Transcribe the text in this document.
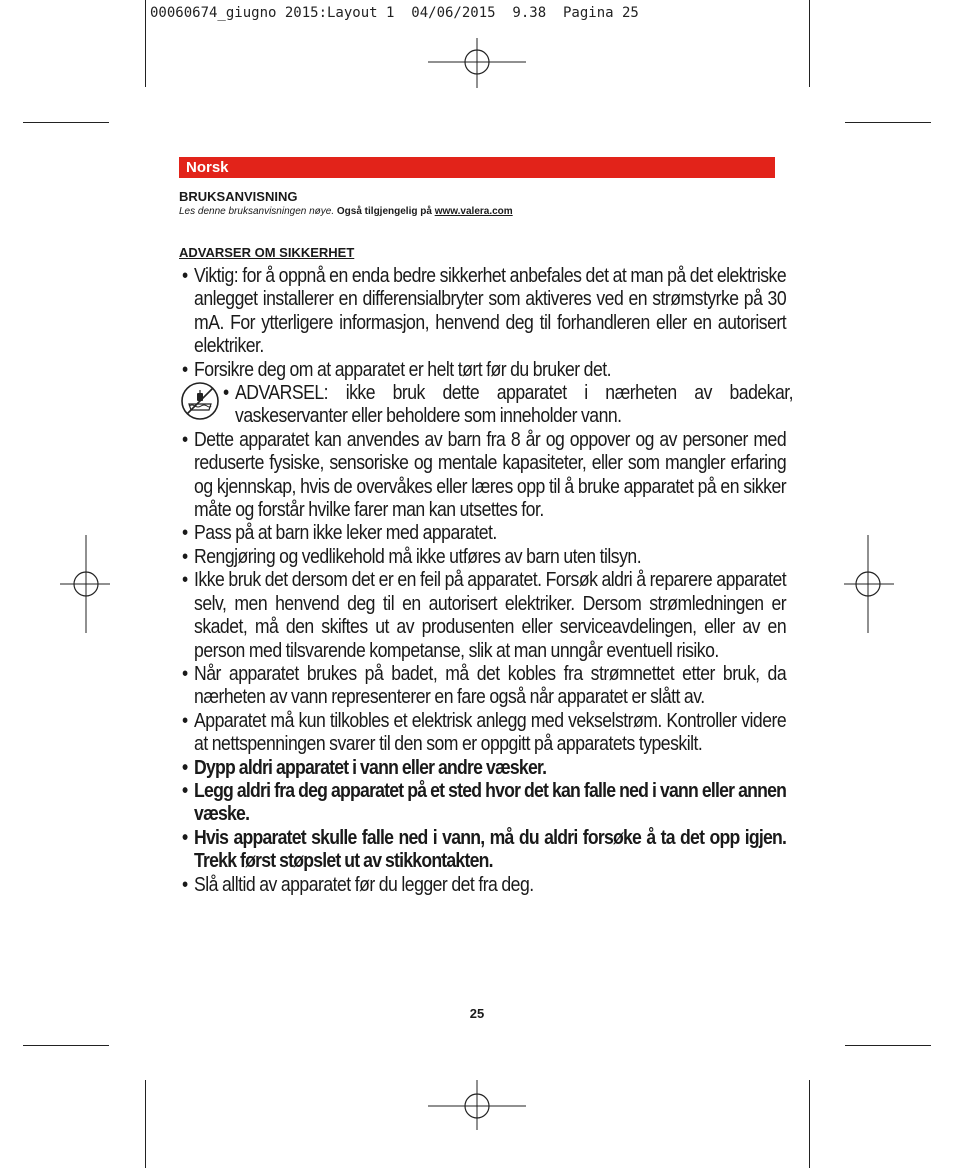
00060674_giugno 2015:Layout 1  04/06/2015  9.38  Pagina 25
Norsk
BRUKSANVISNING
Les denne bruksanvisningen nøye. Også tilgjengelig på www.valera.com
ADVARSER OM SIKKERHET
• Viktig: for å oppnå en enda bedre sikkerhet anbefales det at man på det elektriske anlegget installerer en differensialbryter som aktiveres ved en strømstyrke på 30 mA. For ytterligere informasjon, henvend deg til forhandleren eller en autorisert elektriker.
• Forsikre deg om at apparatet er helt tørt før du bruker det.
• ADVARSEL: ikke bruk dette apparatet i nærheten av badekar, vaskeservanter eller beholdere som inneholder vann.
• Dette apparatet kan anvendes av barn fra 8 år og oppover og av personer med reduserte fysiske, sensoriske og mentale kapasiteter, eller som mangler erfaring og kjennskap, hvis de overvåkes eller læres opp til å bruke apparatet på en sikker måte og forstår hvilke farer man kan utsettes for.
• Pass på at barn ikke leker med apparatet.
• Rengjøring og vedlikehold må ikke utføres av barn uten tilsyn.
• Ikke bruk det dersom det er en feil på apparatet. Forsøk aldri å reparere apparatet selv, men henvend deg til en autorisert elektriker. Dersom strømledningen er skadet, må den skiftes ut av produsenten eller serviceavdelingen, eller av en person med tilsvarende kompetanse, slik at man unngår eventuell risiko.
• Når apparatet brukes på badet, må det kobles fra strømnettet etter bruk, da nærheten av vann representerer en fare også når apparatet er slått av.
• Apparatet må kun tilkobles et elektrisk anlegg med vekselstrøm. Kontroller videre at nettspenningen svarer til den som er oppgitt på apparatets typeskilt.
• Dypp aldri apparatet i vann eller andre væsker.
• Legg aldri fra deg apparatet på et sted hvor det kan falle ned i vann eller annen væske.
• Hvis apparatet skulle falle ned i vann, må du aldri forsøke å ta det opp igjen. Trekk først støpslet ut av stikkontakten.
• Slå alltid av apparatet før du legger det fra deg.
25
